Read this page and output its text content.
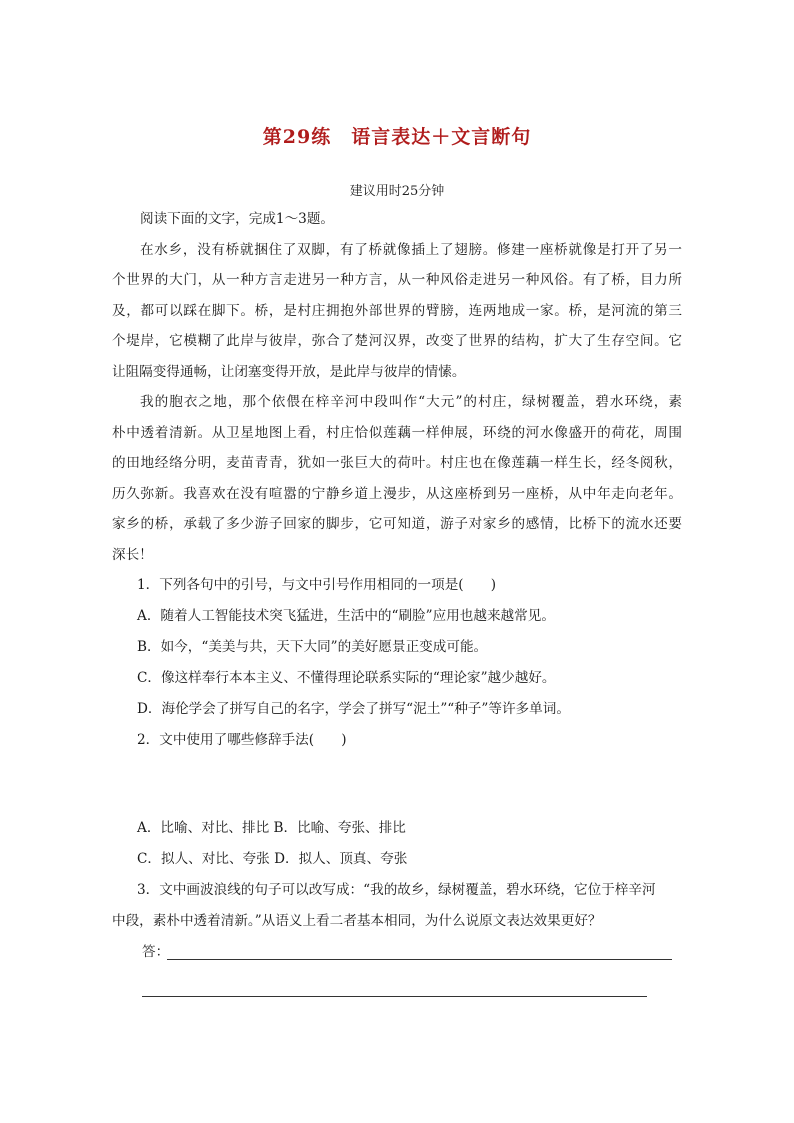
第29练　语言表达＋文言断句
建议用时25分钟
阅读下面的文字，完成1～3题。
在水乡，没有桥就捆住了双脚，有了桥就像插上了翅膀。修建一座桥就像是打开了另一
个世界的大门，从一种方言走进另一种方言，从一种风俗走进另一种风俗。有了桥，目力所
及，都可以踩在脚下。桥，是村庄拥抱外部世界的臂膀，连两地成一家。桥，是河流的第三
个堤岸，它模糊了此岸与彼岸，弥合了楚河汉界，改变了世界的结构，扩大了生存空间。它
让阻隔变得通畅，让闭塞变得开放，是此岸与彼岸的情愫。
我的胞衣之地，那个依偎在梓辛河中段叫作“大元”的村庄，绿树覆盖，碧水环绕，素
朴中透着清新。从卫星地图上看，村庄恰似莲藕一样伸展，环绕的河水像盛开的荷花，周围
的田地经络分明，麦苗青青，犹如一张巨大的荷叶。村庄也在像莲藕一样生长，经冬阅秋，
历久弥新。我喜欢在没有喧嚣的宁静乡道上漫步，从这座桥到另一座桥，从中年走向老年。
家乡的桥，承载了多少游子回家的脚步，它可知道，游子对家乡的感情，比桥下的流水还要
深长！
1．下列各句中的引号，与文中引号作用相同的一项是(　　)
A．随着人工智能技术突飞猛进，生活中的“刷脸”应用也越来越常见。
B．如今，“美美与共，天下大同”的美好愿景正变成可能。
C．像这样奉行本本主义、不懂得理论联系实际的“理论家”越少越好。
D．海伦学会了拼写自己的名字，学会了拼写“泥土”“种子”等许多单词。
2．文中使用了哪些修辞手法(　　)
A．比喻、对比、排比 B．比喻、夸张、排比
C．拟人、对比、夸张 D．拟人、顶真、夸张
3．文中画波浪线的句子可以改写成：“我的故乡，绿树覆盖，碧水环绕，它位于梓辛河
中段，素朴中透着清新。”从语义上看二者基本相同，为什么说原文表达效果更好？
答：
